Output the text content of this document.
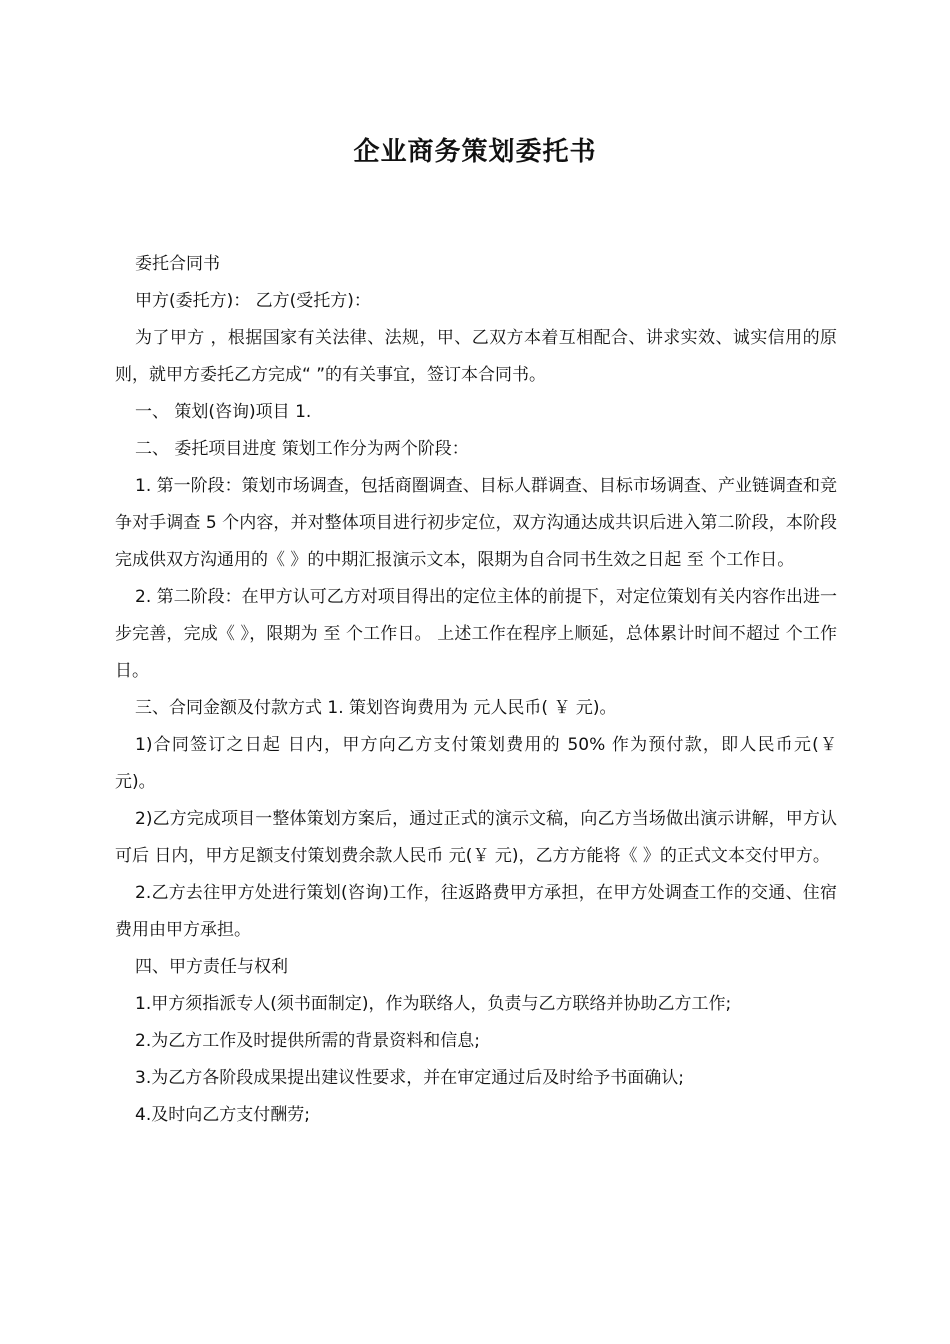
企业商务策划委托书

委托合同书

甲方(委托方)： 乙方(受托方)：

为了甲方 ，根据国家有关法律、法规，甲、乙双方本着互相配合、讲求实效、诚实信用的原则，就甲方委托乙方完成“ ”的有关事宜，签订本合同书。

一、 策划(咨询)项目 1.

二、 委托项目进度 策划工作分为两个阶段：

1. 第一阶段：策划市场调查，包括商圈调查、目标人群调查、目标市场调查、产业链调查和竞争对手调查 5 个内容，并对整体项目进行初步定位，双方沟通达成共识后进入第二阶段，本阶段完成供双方沟通用的《 》的中期汇报演示文本，限期为自合同书生效之日起 至 个工作日。

2. 第二阶段：在甲方认可乙方对项目得出的定位主体的前提下，对定位策划有关内容作出进一步完善，完成《 》，限期为 至 个工作日。 上述工作在程序上顺延，总体累计时间不超过 个工作日。

三、合同金额及付款方式 1. 策划咨询费用为 元人民币( ￥ 元)。

1)合同签订之日起 日内，甲方向乙方支付策划费用的 50% 作为预付款，即人民币元(￥ 元)。

2)乙方完成项目一整体策划方案后，通过正式的演示文稿，向乙方当场做出演示讲解，甲方认可后 日内，甲方足额支付策划费余款人民币 元(￥ 元)，乙方方能将《 》的正式文本交付甲方。

2.乙方去往甲方处进行策划(咨询)工作，往返路费甲方承担，在甲方处调查工作的交通、住宿费用由甲方承担。

四、甲方责任与权利

1.甲方须指派专人(须书面制定)，作为联络人，负责与乙方联络并协助乙方工作;

2.为乙方工作及时提供所需的背景资料和信息;

3.为乙方各阶段成果提出建议性要求，并在审定通过后及时给予书面确认;

4.及时向乙方支付酬劳;
